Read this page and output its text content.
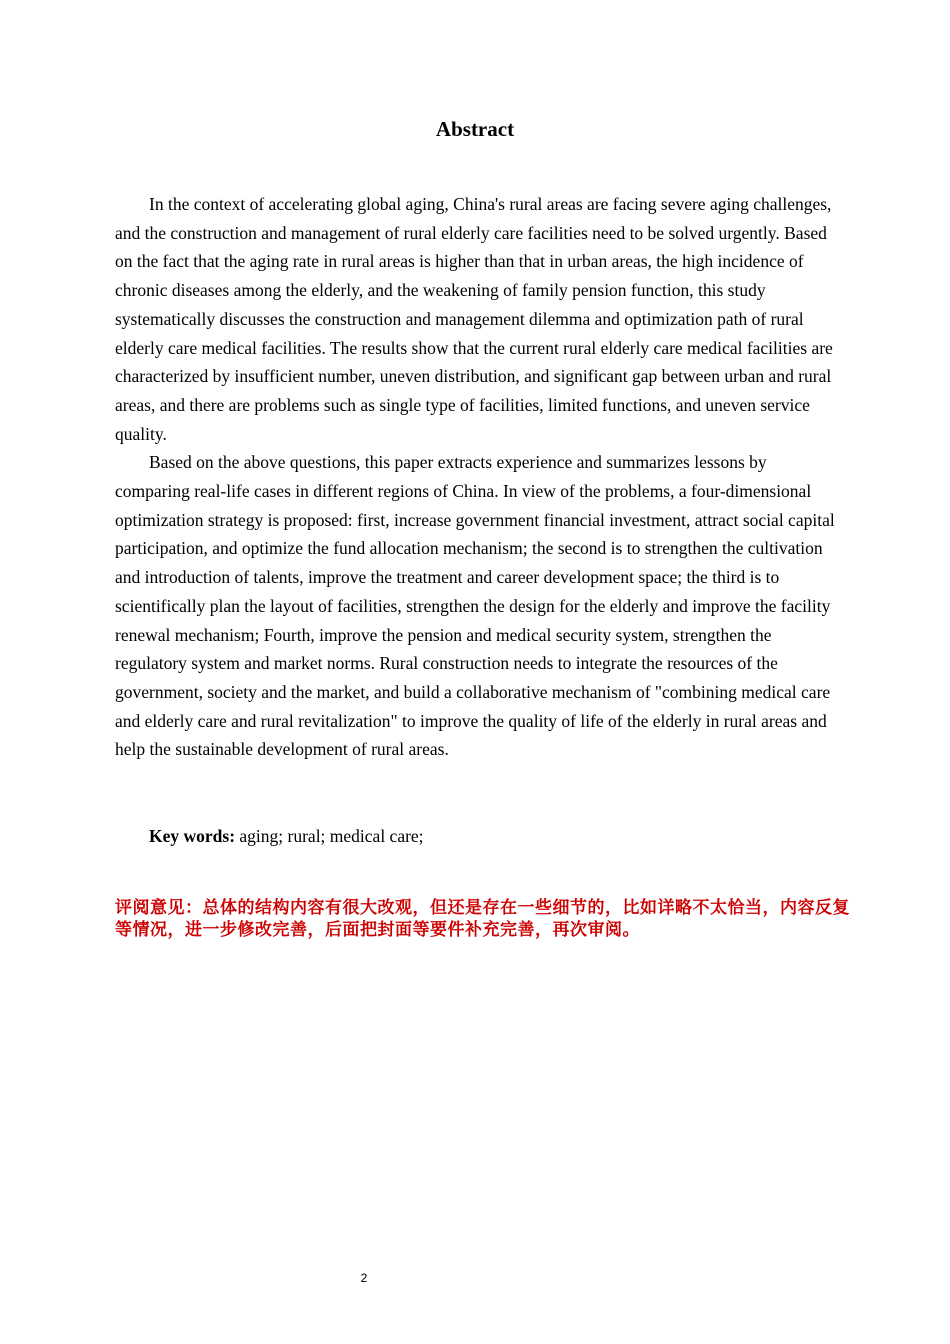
Abstract

In the context of accelerating global aging, China's rural areas are facing severe aging challenges, and the construction and management of rural elderly care facilities need to be solved urgently. Based on the fact that the aging rate in rural areas is higher than that in urban areas, the high incidence of chronic diseases among the elderly, and the weakening of family pension function, this study systematically discusses the construction and management dilemma and optimization path of rural elderly care medical facilities. The results show that the current rural elderly care medical facilities are characterized by insufficient number, uneven distribution, and significant gap between urban and rural areas, and there are problems such as single type of facilities, limited functions, and uneven service quality.

Based on the above questions, this paper extracts experience and summarizes lessons by comparing real-life cases in different regions of China. In view of the problems, a four-dimensional optimization strategy is proposed: first, increase government financial investment, attract social capital participation, and optimize the fund allocation mechanism; the second is to strengthen the cultivation and introduction of talents, improve the treatment and career development space; the third is to scientifically plan the layout of facilities, strengthen the design for the elderly and improve the facility renewal mechanism; Fourth, improve the pension and medical security system, strengthen the regulatory system and market norms. Rural construction needs to integrate the resources of the government, society and the market, and build a collaborative mechanism of "combining medical care and elderly care and rural revitalization" to improve the quality of life of the elderly in rural areas and help the sustainable development of rural areas.

Key words: aging; rural; medical care;
评阅意见：总体的结构内容有很大改观，但还是存在一些细节的，比如详略不太恰当，内容反复等情况，进一步修改完善，后面把封面等要件补充完善，再次审阅。
2
